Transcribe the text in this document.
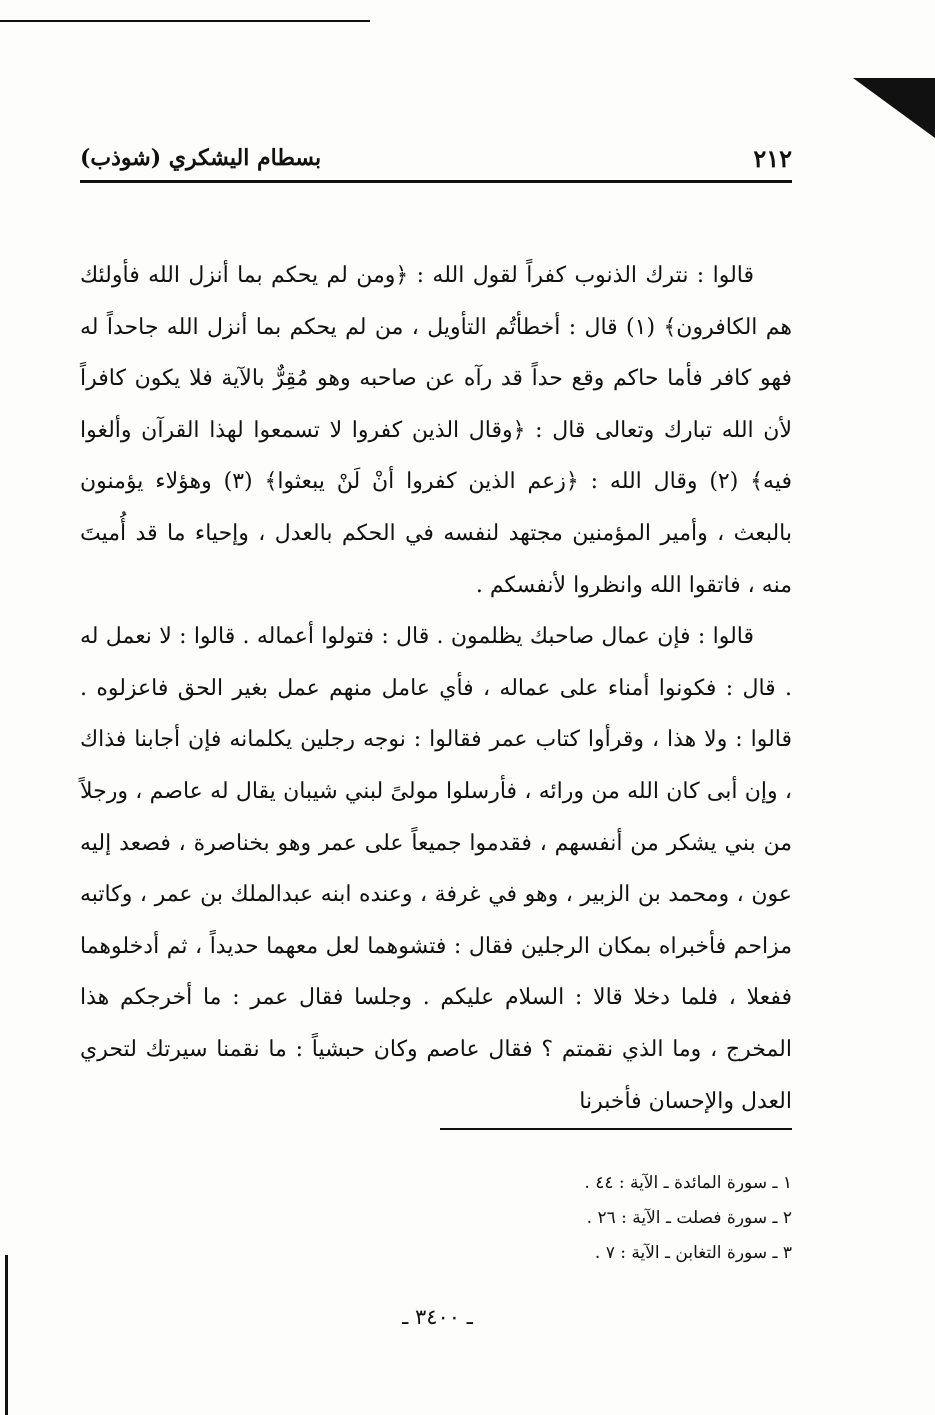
٢١٢
بسطام اليشكري (شوذب)

قالوا : نترك الذنوب كفراً لقول الله : ﴿ومن لم يحكم بما أنزل الله فأولئك هم الكافرون﴾ (١) قال : أخطأتُم التأويل ، من لم يحكم بما أنزل الله جاحداً له فهو كافر فأما حاكم وقع حداً قد رآه عن صاحبه وهو مُقِرٌّ بالآية فلا يكون كافراً لأن الله تبارك وتعالى قال : ﴿وقال الذين كفروا لا تسمعوا لهذا القرآن وألغوا فيه﴾ (٢) وقال الله : ﴿زعم الذين كفروا أنْ لَنْ يبعثوا﴾ (٣) وهؤلاء يؤمنون بالبعث ، وأمير المؤمنين مجتهد لنفسه في الحكم بالعدل ، وإحياء ما قد أُميتَ منه ، فاتقوا الله وانظروا لأنفسكم .

قالوا : فإن عمال صاحبك يظلمون . قال : فتولوا أعماله . قالوا : لا نعمل له . قال : فكونوا أمناء على عماله ، فأي عامل منهم عمل بغير الحق فاعزلوه . قالوا : ولا هذا ، وقرأوا كتاب عمر فقالوا : نوجه رجلين يكلمانه فإن أجابنا فذاك ، وإن أبى كان الله من ورائه ، فأرسلوا مولىً لبني شيبان يقال له عاصم ، ورجلاً من بني يشكر من أنفسهم ، فقدموا جميعاً على عمر وهو بخناصرة ، فصعد إليه عون ، ومحمد بن الزبير ، وهو في غرفة ، وعنده ابنه عبدالملك بن عمر ، وكاتبه مزاحم فأخبراه بمكان الرجلين فقال : فتشوهما لعل معهما حديداً ، ثم أدخلوهما ففعلا ، فلما دخلا قالا : السلام عليكم . وجلسا فقال عمر : ما أخرجكم هذا المخرج ، وما الذي نقمتم ؟ فقال عاصم وكان حبشياً : ما نقمنا سيرتك لتحري العدل والإحسان فأخبرنا

١ ـ سورة المائدة ـ الآية : ٤٤ .

٢ ـ سورة فصلت ـ الآية : ٢٦ .

٣ ـ سورة التغابن ـ الآية : ٧ .

ـ ٣٤٠٠ ـ
